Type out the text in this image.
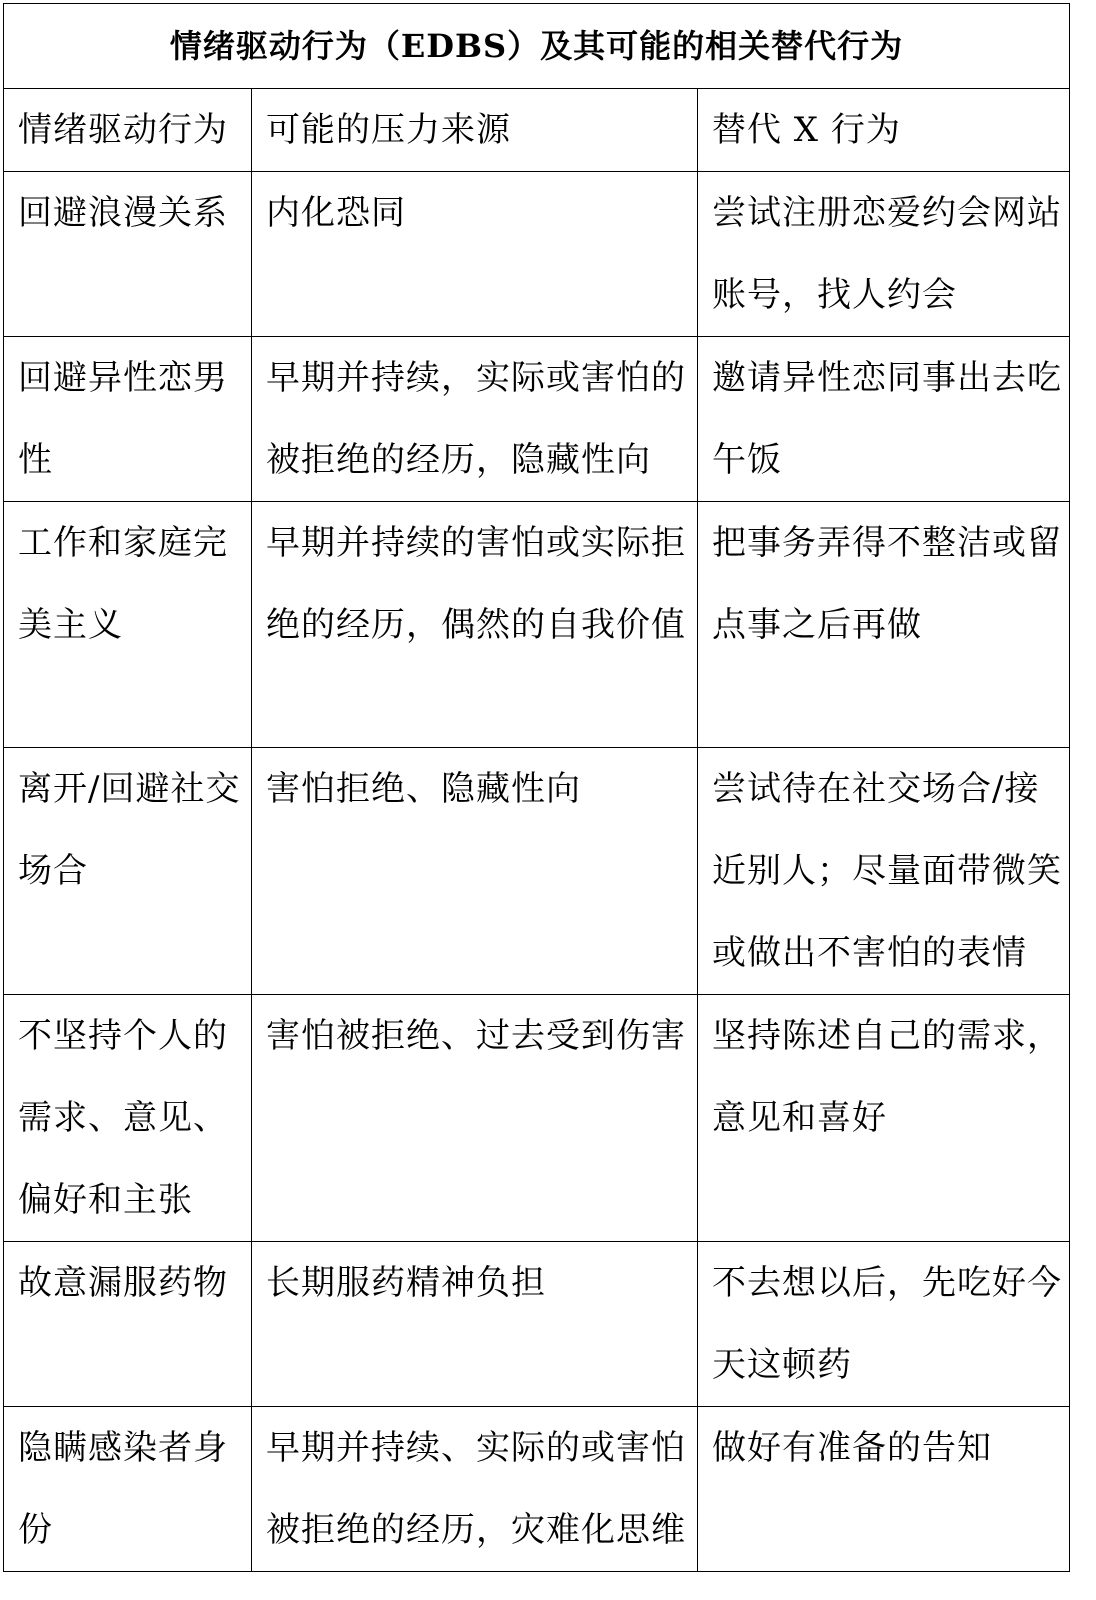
情绪驱动行为（EDBS）及其可能的相关替代行为		
情绪驱动行为	可能的压力来源	替代 X 行为
回避浪漫关系	内化恐同	尝试注册恋爱约会网站账号，找人约会
回避异性恋男性	早期并持续，实际或害怕的被拒绝的经历，隐藏性向	邀请异性恋同事出去吃午饭
工作和家庭完美主义	早期并持续的害怕或实际拒绝的经历，偶然的自我价值	把事务弄得不整洁或留点事之后再做
离开/回避社交场合	害怕拒绝、隐藏性向	尝试待在社交场合/接近别人；尽量面带微笑或做出不害怕的表情
不坚持个人的需求、意见、偏好和主张	害怕被拒绝、过去受到伤害	坚持陈述自己的需求，意见和喜好
故意漏服药物	长期服药精神负担	不去想以后，先吃好今天这顿药
隐瞒感染者身份	早期并持续、实际的或害怕被拒绝的经历，灾难化思维	做好有准备的告知
